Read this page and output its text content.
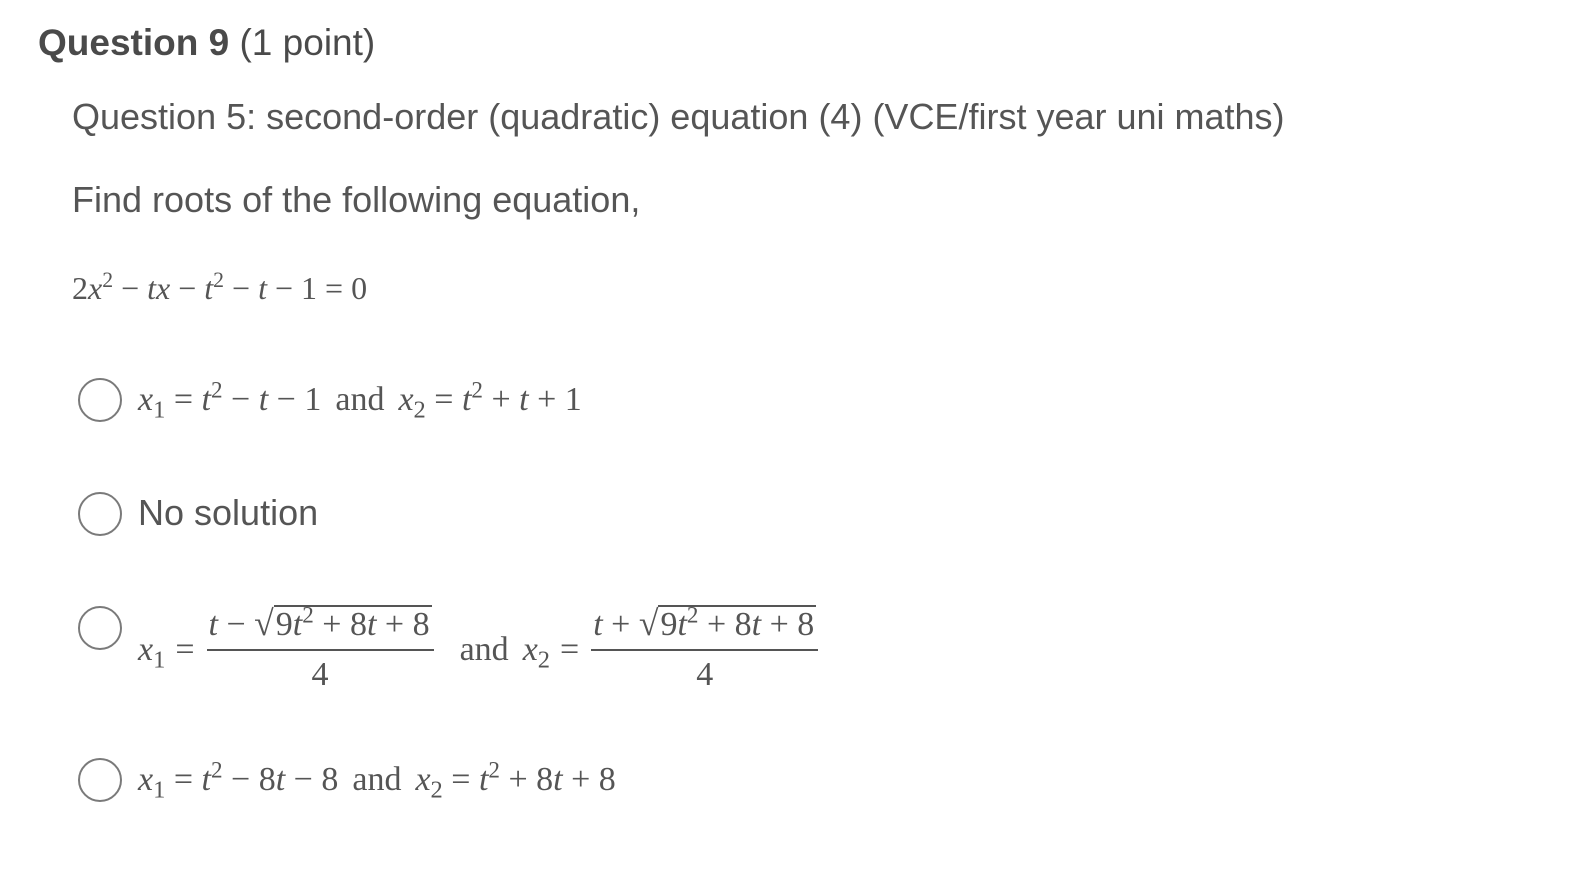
Question 9 (1 point)
Question 5: second-order (quadratic) equation (4) (VCE/first year uni maths)
Find roots of the following equation,
$2x^2$ − tx − $t^2 - t - 1 = 0$
$x_1 = t^2 - t - 1$ and $x_2 = t^2 + t + 1$
No solution
$x_1 = \frac{t - √ 9t^2 + 8t + 8}{4}$ and $x_2 = \frac{t + √ 9t^2 + 8t + 8}{4}$
$x_1 = t^2 - 8t - 8$ and $x_2 = t^2 + 8t + 8$
